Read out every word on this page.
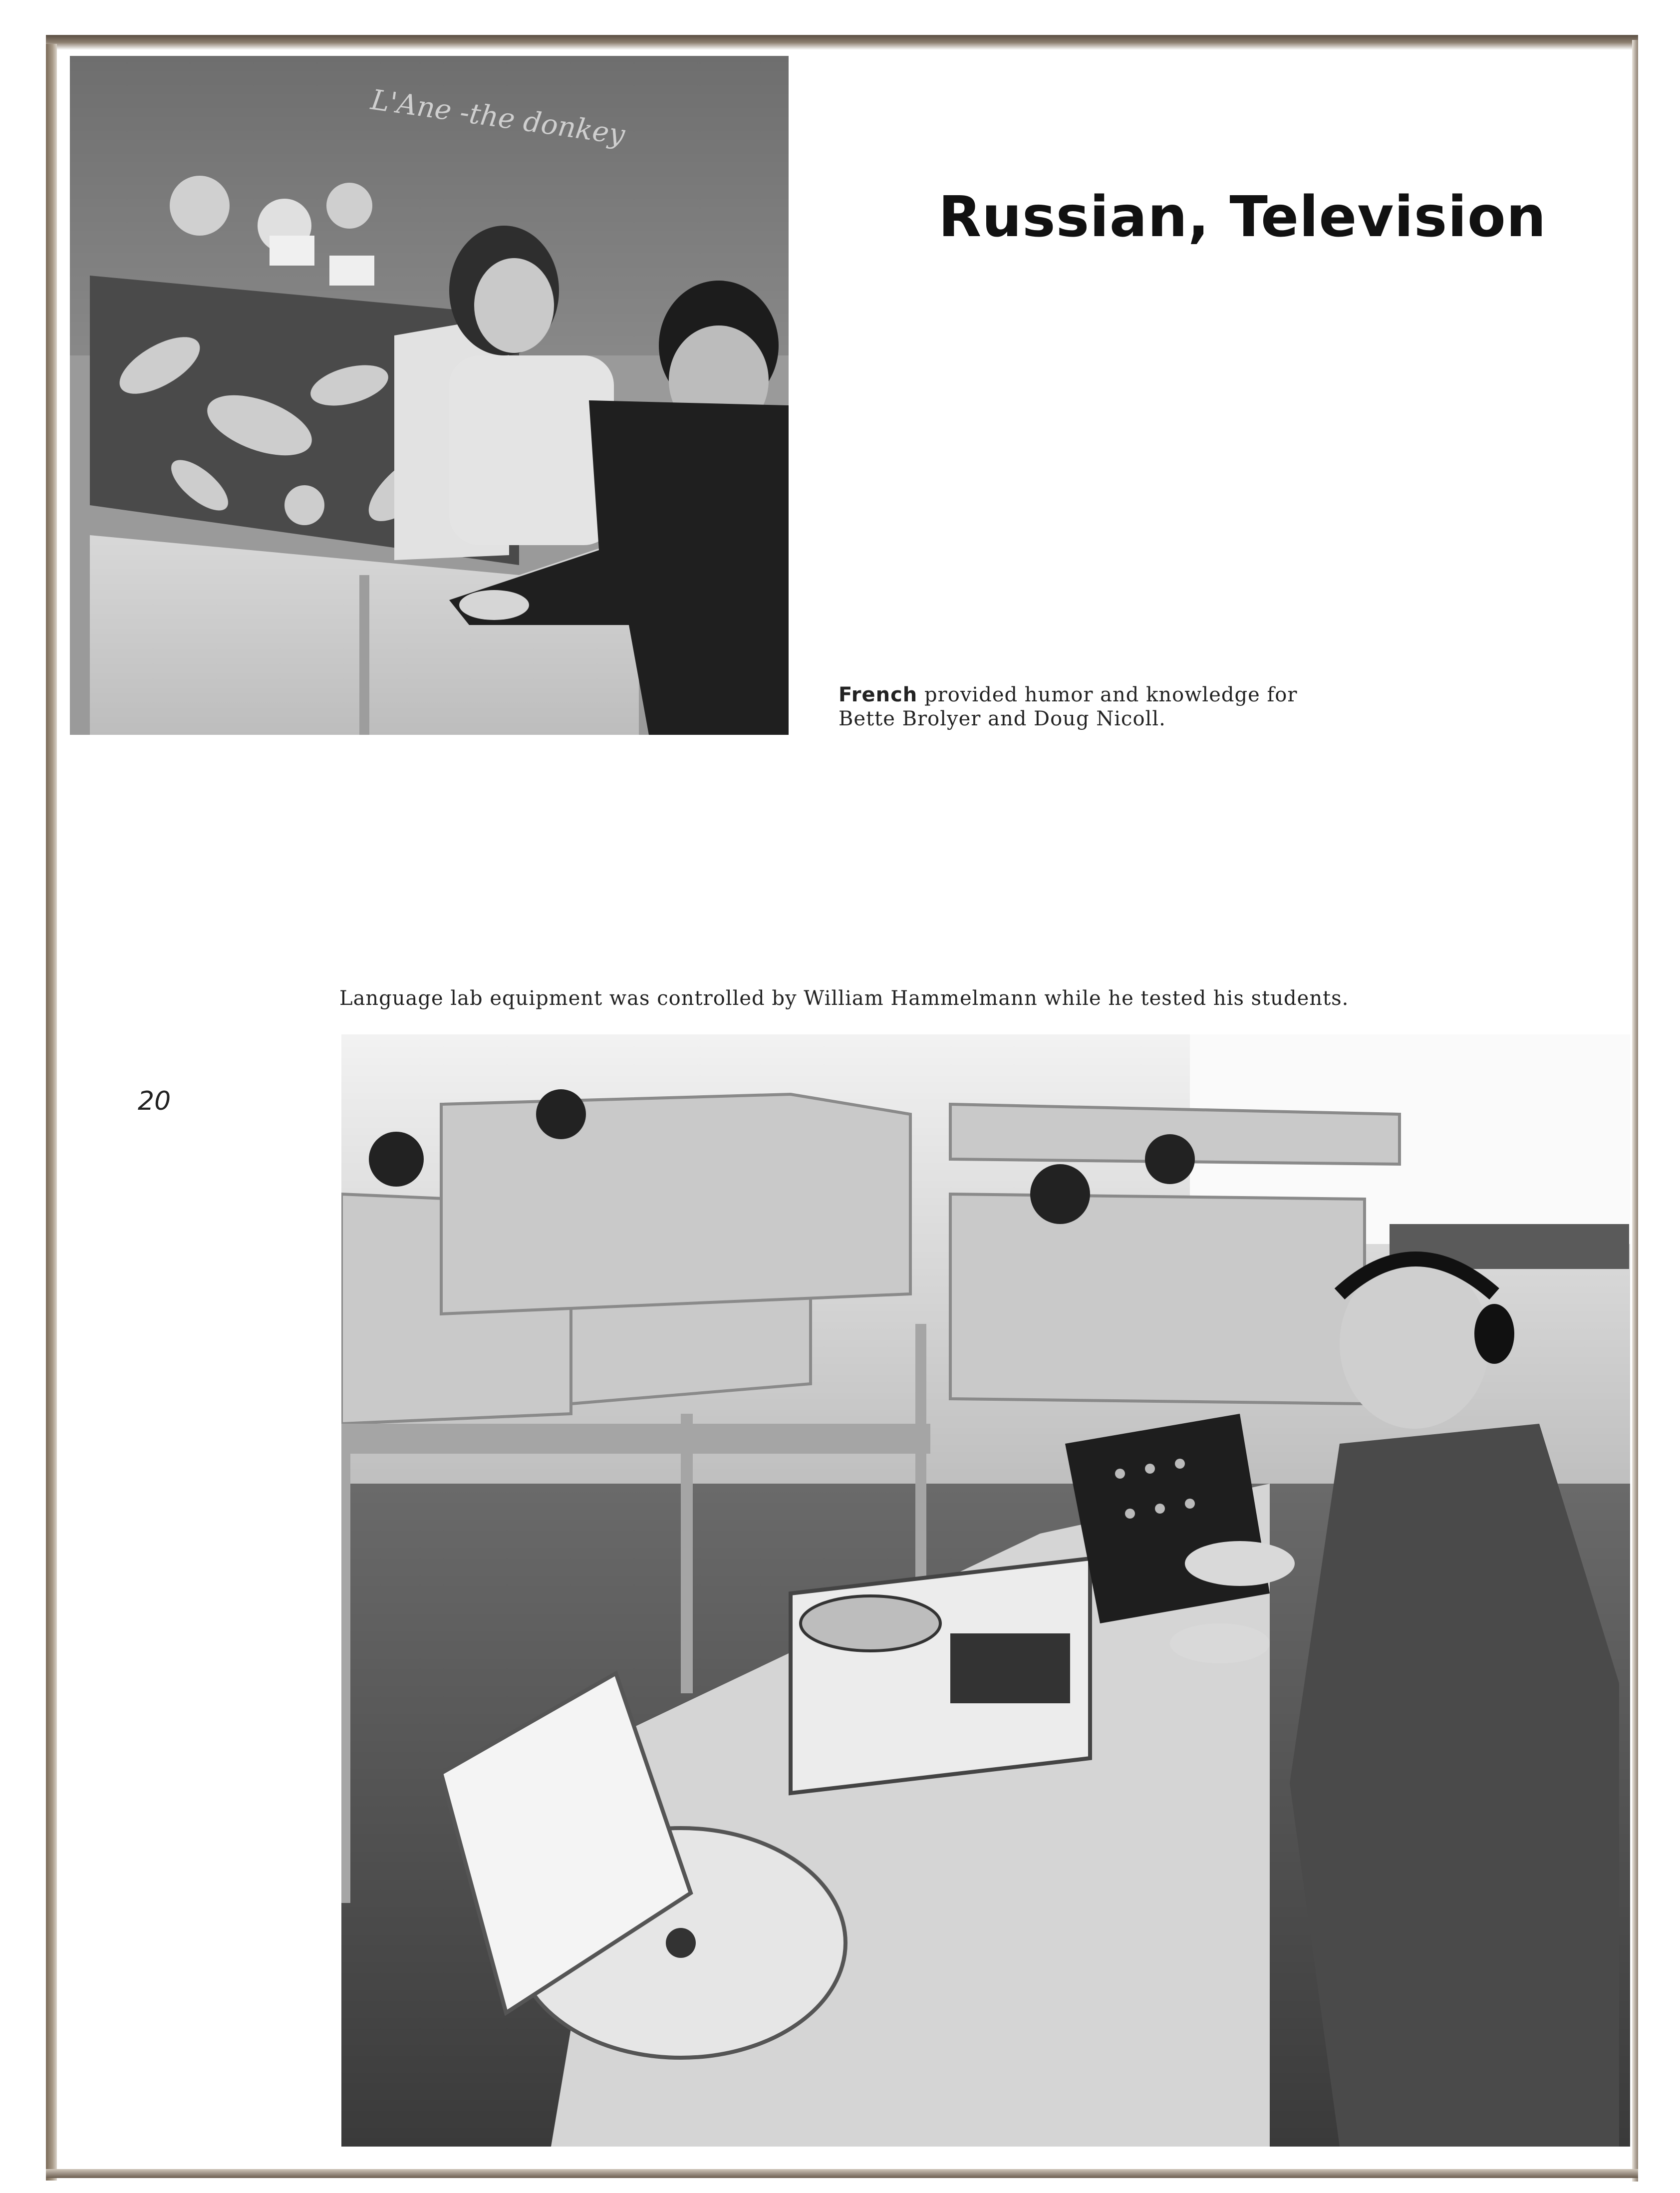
L'Ane -the donkey
Russian, Television
French provided humor and knowledge for Bette Brolyer and Doug Nicoll.
Language lab equipment was controlled by William Hammelmann while he tested his students.
20
